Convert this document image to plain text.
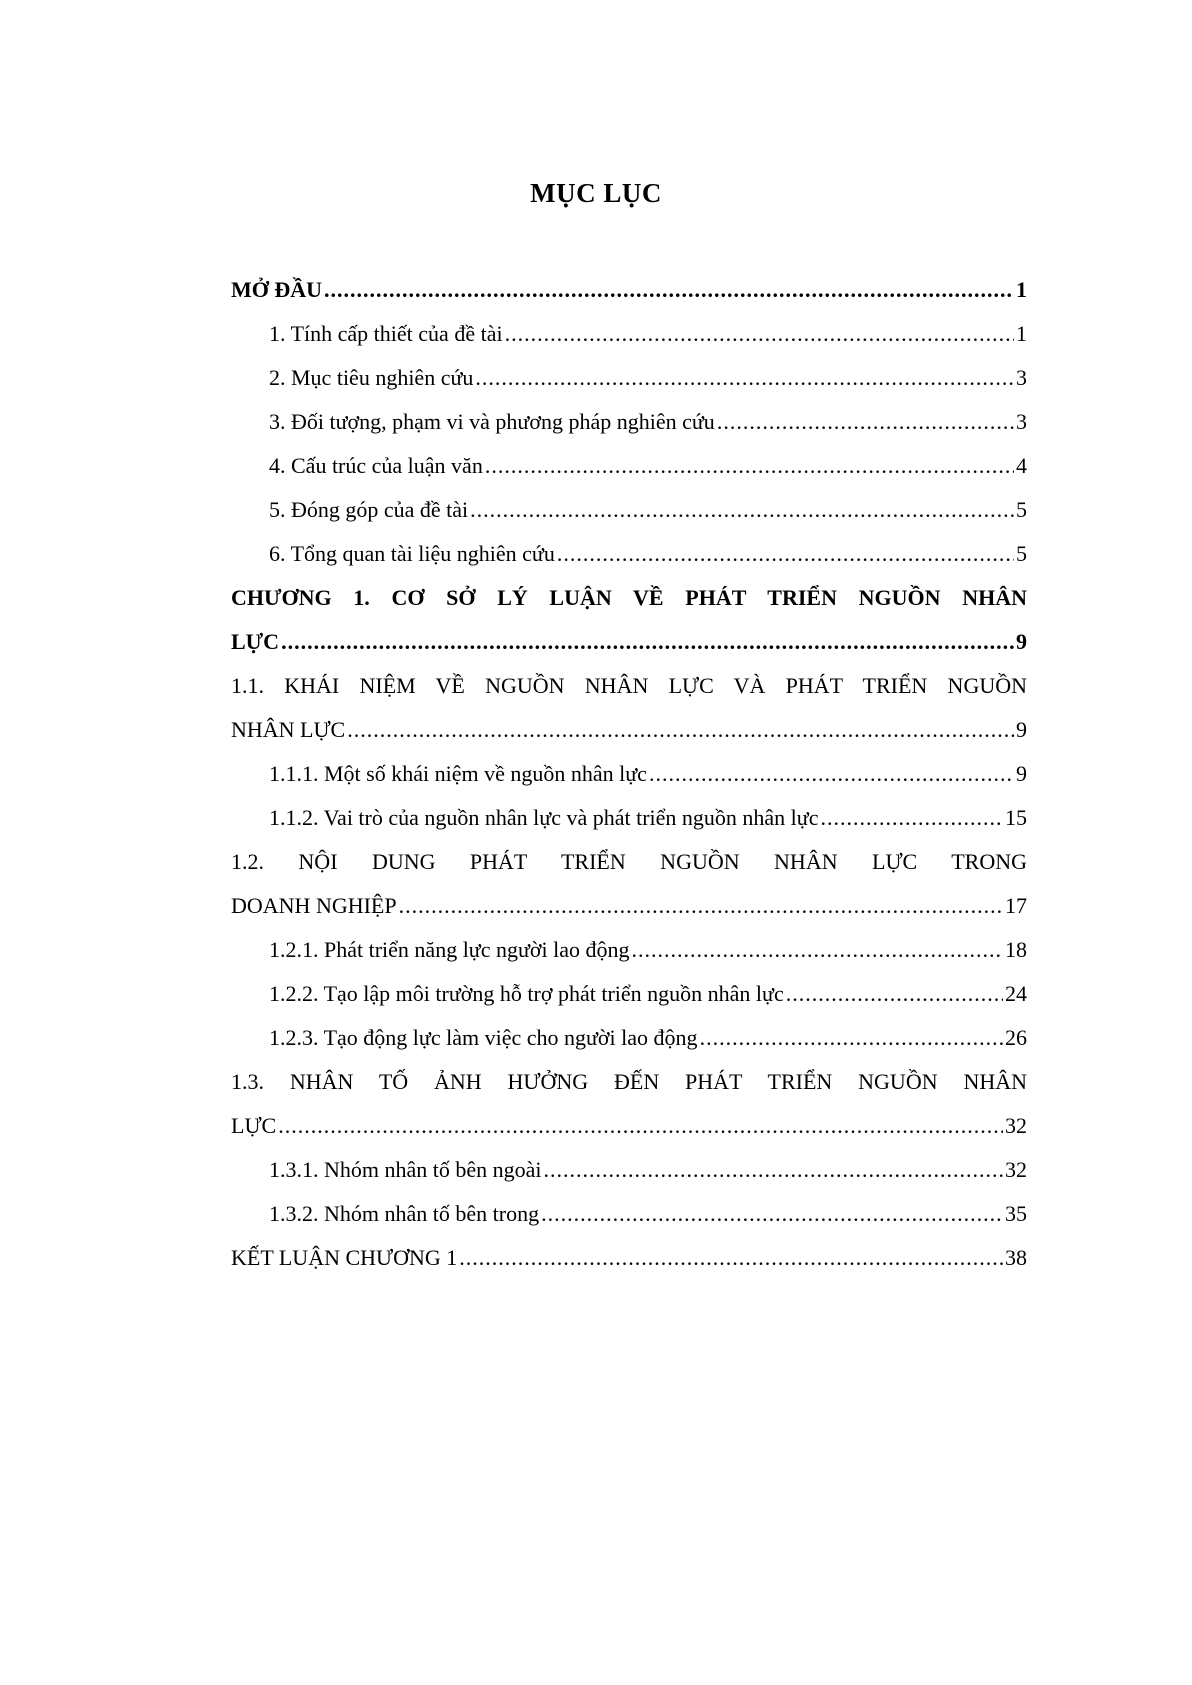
MỤC LỤC
MỞ ĐẦU .....	1
1. Tính cấp thiết của đề tài .....	1
2. Mục tiêu nghiên cứu .....	3
3. Đối tượng, phạm vi và phương pháp nghiên cứu .....	3
4. Cấu trúc của luận văn .....	4
5. Đóng góp của đề tài .....	5
6. Tổng quan tài liệu nghiên cứu .....	5
CHƯƠNG 1. CƠ SỞ LÝ LUẬN VỀ PHÁT TRIỂN NGUỒN NHÂN
LỰC .....	9
1.1. KHÁI NIỆM VỀ NGUỒN NHÂN LỰC VÀ PHÁT TRIỂN NGUỒN
NHÂN LỰC .....	9
1.1.1. Một số khái niệm về nguồn nhân lực .....	9
1.1.2. Vai trò của nguồn nhân lực và phát triển nguồn nhân lực .....	15
1.2. NỘI DUNG PHÁT TRIỂN NGUỒN NHÂN LỰC TRONG
DOANH NGHIỆP .....	17
1.2.1. Phát triển năng lực người lao động .....	18
1.2.2. Tạo lập môi trường hỗ trợ phát triển nguồn nhân lực .....	24
1.2.3. Tạo động lực làm việc cho người lao động .....	26
1.3. NHÂN TỐ ẢNH HƯỞNG ĐẾN PHÁT TRIỂN NGUỒN NHÂN
LỰC .....	32
1.3.1. Nhóm nhân tố bên ngoài .....	32
1.3.2. Nhóm nhân tố bên trong .....	35
KẾT LUẬN CHƯƠNG 1 .....	38
